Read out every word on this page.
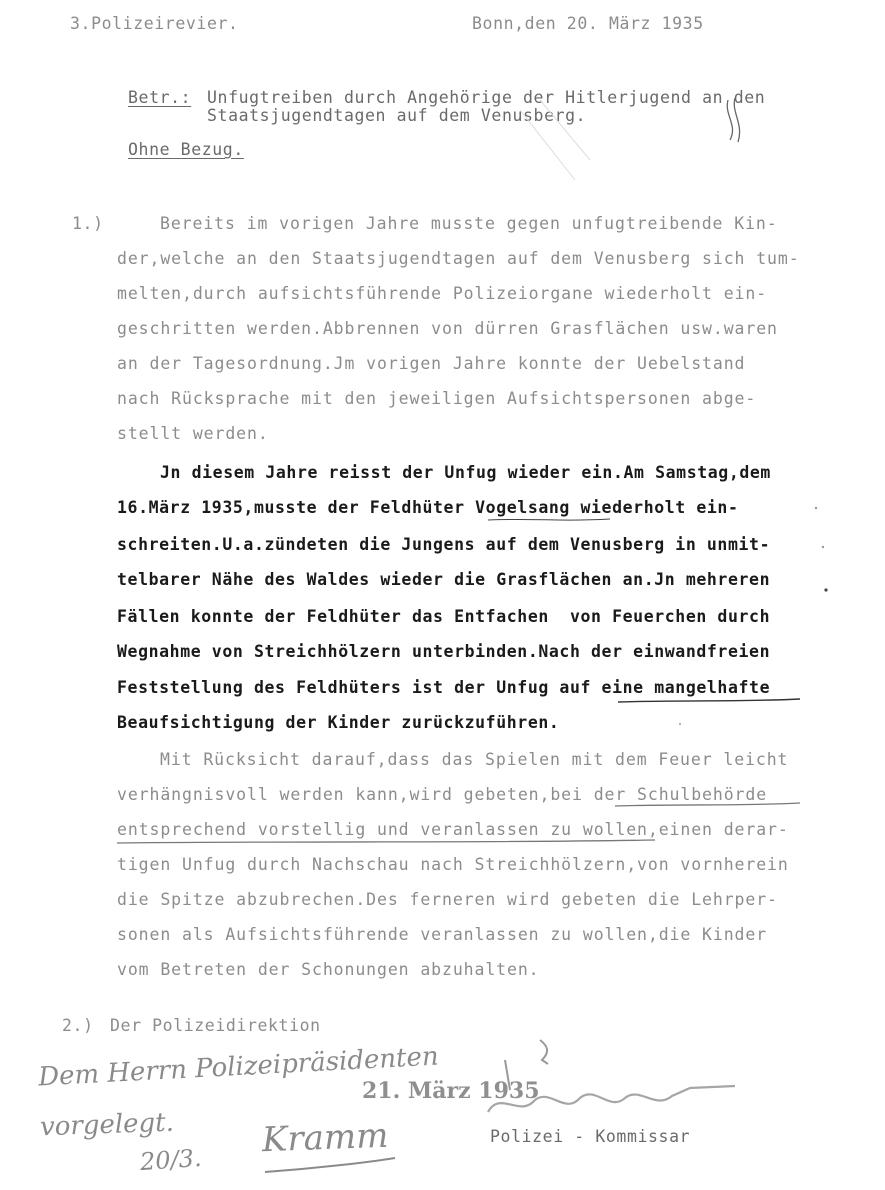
3.Polizeirevier.	Bonn,den 20. März 1935
Betr.: Unfugtreiben durch Angehörige der Hitlerjugend an den
Staatsjugendtagen auf dem Venusberg.
Ohne Bezug.
1.)	Bereits im vorigen Jahre musste gegen unfugtreibende Kin-
der,welche an den Staatsjugendtagen auf dem Venusberg sich tum-
melten,durch aufsichtsführende Polizeiorgane wiederholt ein-
geschritten werden.Abbrennen von dürren Grasflächen usw.waren
an der Tagesordnung.Jm vorigen Jahre konnte der Uebelstand
nach Rücksprache mit den jeweiligen Aufsichtspersonen abge-
stellt werden.
Jn diesem Jahre reisst der Unfug wieder ein.Am Samstag,dem
16.März 1935,musste der Feldhüter Vogelsang wiederholt ein-
schreiten.U.a.zündeten die Jungens auf dem Venusberg in unmit-
telbarer Nähe des Waldes wieder die Grasflächen an.Jn mehreren
Fällen konnte der Feldhüter das Entfachen  von Feuerchen durch
Wegnahme von Streichhölzern unterbinden.Nach der einwandfreien
Feststellung des Feldhüters ist der Unfug auf eine mangelhafte
Beaufsichtigung der Kinder zurückzuführen.
Mit Rücksicht darauf,dass das Spielen mit dem Feuer leicht
verhängnisvoll werden kann,wird gebeten,bei der Schulbehörde
entsprechend vorstellig und veranlassen zu wollen,einen derar-
tigen Unfug durch Nachschau nach Streichhölzern,von vornherein
die Spitze abzubrechen.Des ferneren wird gebeten die Lehrper-
sonen als Aufsichtsführende veranlassen zu wollen,die Kinder
vom Betreten der Schonungen abzuhalten.
2.) Der Polizeidirektion
21. März 1935
Polizei - Kommissar
Dem Herrn Polizeipräsidenten
vorgelegt.
20/3. Kramm
